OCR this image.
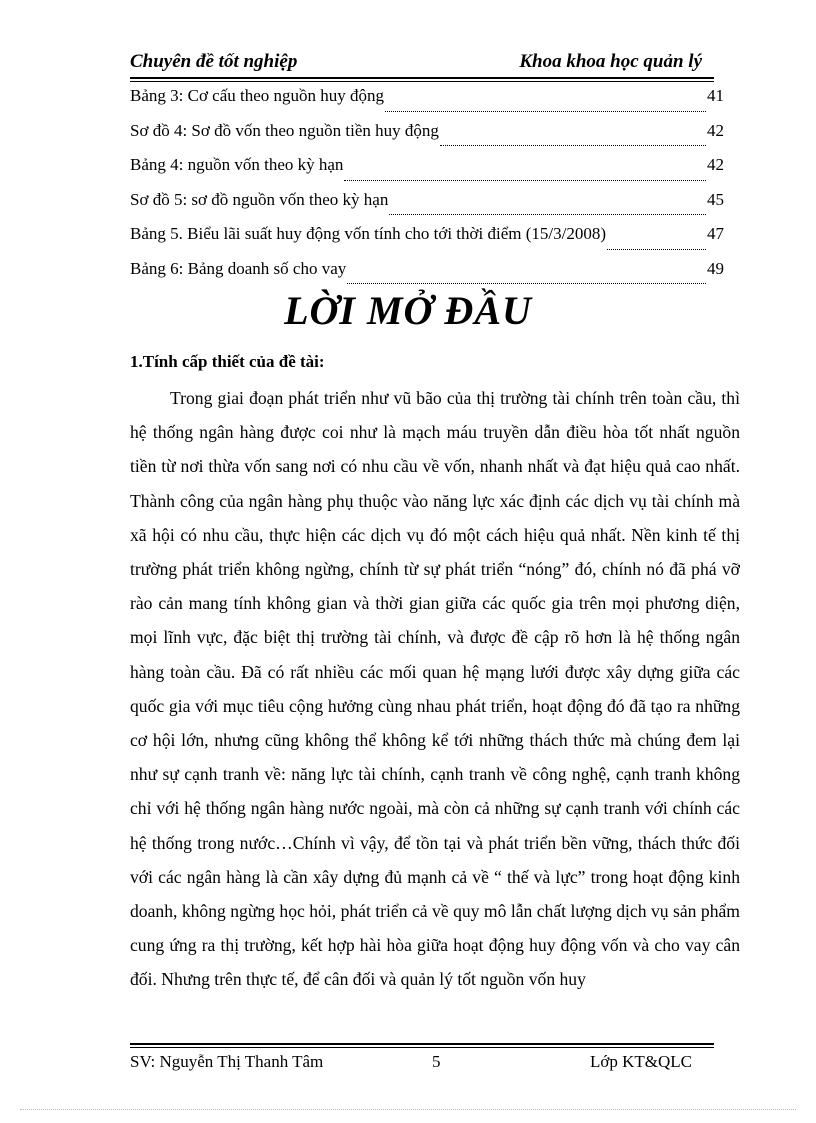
Chuyên đề tốt nghiệp	Khoa khoa học quản lý
Bảng 3: Cơ cấu theo nguồn huy động	41
Sơ đồ 4: Sơ đồ vốn theo nguồn tiền huy động	42
Bảng 4: nguồn vốn theo kỳ hạn	42
Sơ đồ 5: sơ đồ nguồn vốn theo kỳ hạn	45
Bảng 5. Biểu lãi suất huy động vốn tính cho tới thời điểm (15/3/2008)	47
Bảng 6: Bảng doanh số cho vay	49
LỜI MỞ ĐẦU
1.Tính cấp thiết của đề tài:

Trong giai đoạn phát triển như vũ bão của thị trường tài chính trên toàn cầu, thì hệ thống ngân hàng được coi như là mạch máu truyền dẫn điều hòa tốt nhất nguồn tiền từ nơi thừa vốn sang nơi có nhu cầu về vốn, nhanh nhất và đạt hiệu quả cao nhất. Thành công của ngân hàng phụ thuộc vào năng lực xác định các dịch vụ tài chính mà xã hội có nhu cầu, thực hiện các dịch vụ đó một cách hiệu quả nhất. Nền kinh tế thị trường phát triển không ngừng, chính từ sự phát triển “nóng” đó, chính nó đã phá vỡ rào cản mang tính không gian và thời gian giữa các quốc gia trên mọi phương diện, mọi lĩnh vực, đặc biệt thị trường tài chính, và được đề cập rõ hơn là hệ thống ngân hàng toàn cầu. Đã có rất nhiều các mối quan hệ mạng lưới được xây dựng giữa các quốc gia với mục tiêu cộng hưởng cùng nhau phát triển, hoạt động đó đã tạo ra những cơ hội lớn, nhưng cũng không thể không kể tới những thách thức mà chúng đem lại như sự cạnh tranh về: năng lực tài chính, cạnh tranh về công nghệ, cạnh tranh không chỉ với hệ thống ngân hàng nước ngoài, mà còn cả những sự cạnh tranh với chính các hệ thống trong nước…Chính vì vậy, để tồn tại và phát triển bền vững, thách thức đối với các ngân hàng là cần xây dựng đủ mạnh cả về “ thế và lực” trong hoạt động kinh doanh, không ngừng học hỏi, phát triển cả về quy mô lẫn chất lượng dịch vụ sản phẩm cung ứng ra thị trường, kết hợp hài hòa giữa hoạt động huy động vốn và cho vay cân đối. Nhưng trên thực tế, để cân đối và quản lý tốt nguồn vốn huy

SV: Nguyễn Thị Thanh Tâm	5	Lớp KT&QLC
